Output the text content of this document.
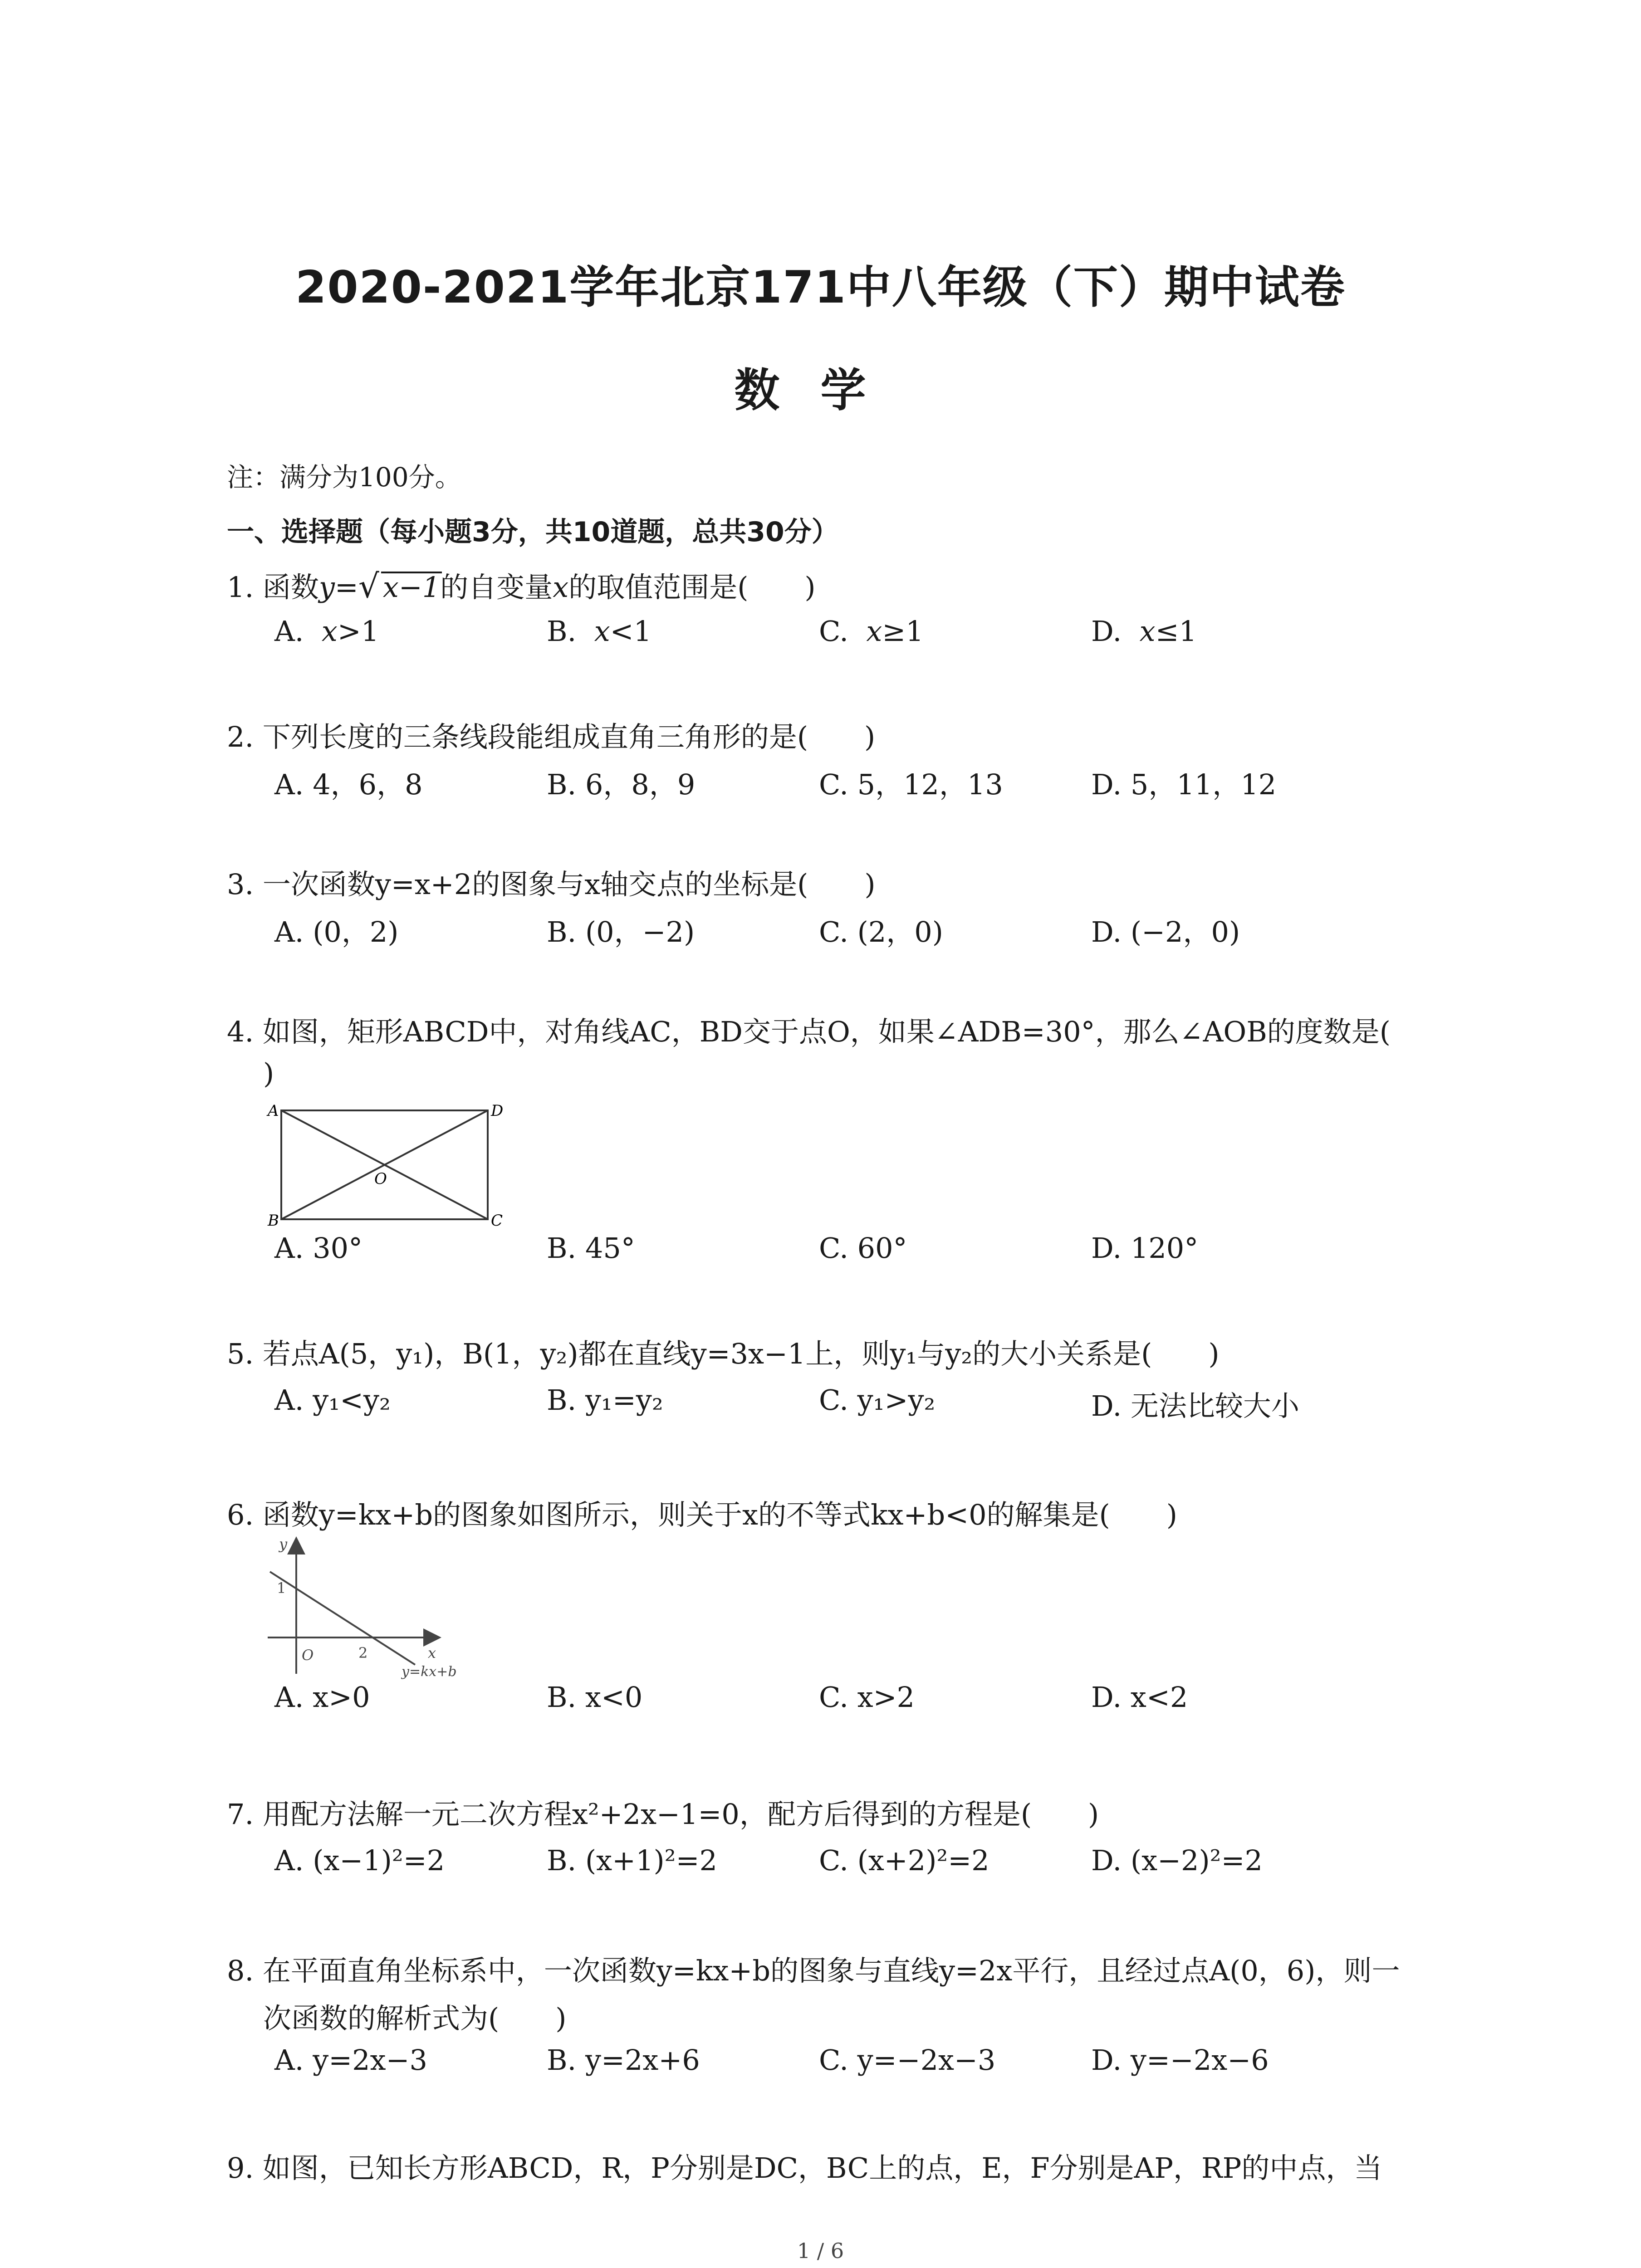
2020-2021学年北京171中八年级（下）期中试卷
数学
注：满分为100分。
一、选择题（每小题3分，共10道题，总共30分）
1. 函数y= √ x−1的自变量x的取值范围是(　　)
A. x>1	B. x<1	C. x≥1	D. x≤1
2. 下列长度的三条线段能组成直角三角形的是(　　)
A. 4，6，8	B. 6，8，9	C. 5，12，13	D. 5，11，12
3. 一次函数y=x+2的图象与x轴交点的坐标是(　　)
A. (0，2)	B. (0，−2)	C. (2，0)	D. (−2，0)
4. 如图，矩形ABCD中，对角线AC，BD交于点O，如果∠ADB=30°，那么∠AOB的度数是(
)
A
B	C
D
O
A. 30°	B. 45°	C. 60°	D. 120°
5. 若点A(5，y₁)，B(1，y₂)都在直线y=3x−1上，则y₁与y₂的大小关系是(　　)
A. y₁<y₂	B. y₁=y₂	C. y₁>y₂	D. 无法比较大小
6. 函数y=kx+b的图象如图所示，则关于x的不等式kx+b<0的解集是(　　)
y
1
O	2	x
y=kx+b
A. x>0	B. x<0	C. x>2	D. x<2
7. 用配方法解一元二次方程x²+2x−1=0，配方后得到的方程是(　　)
A. (x−1)²=2	B. (x+1)²=2	C. (x+2)²=2	D. (x−2)²=2
8. 在平面直角坐标系中，一次函数y=kx+b的图象与直线y=2x平行，且经过点A(0，6)，则一
次函数的解析式为(　　)
A. y=2x−3	B. y=2x+6	C. y=−2x−3	D. y=−2x−6
9. 如图，已知长方形ABCD，R，P分别是DC，BC上的点，E，F分别是AP，RP的中点，当
1 / 6
